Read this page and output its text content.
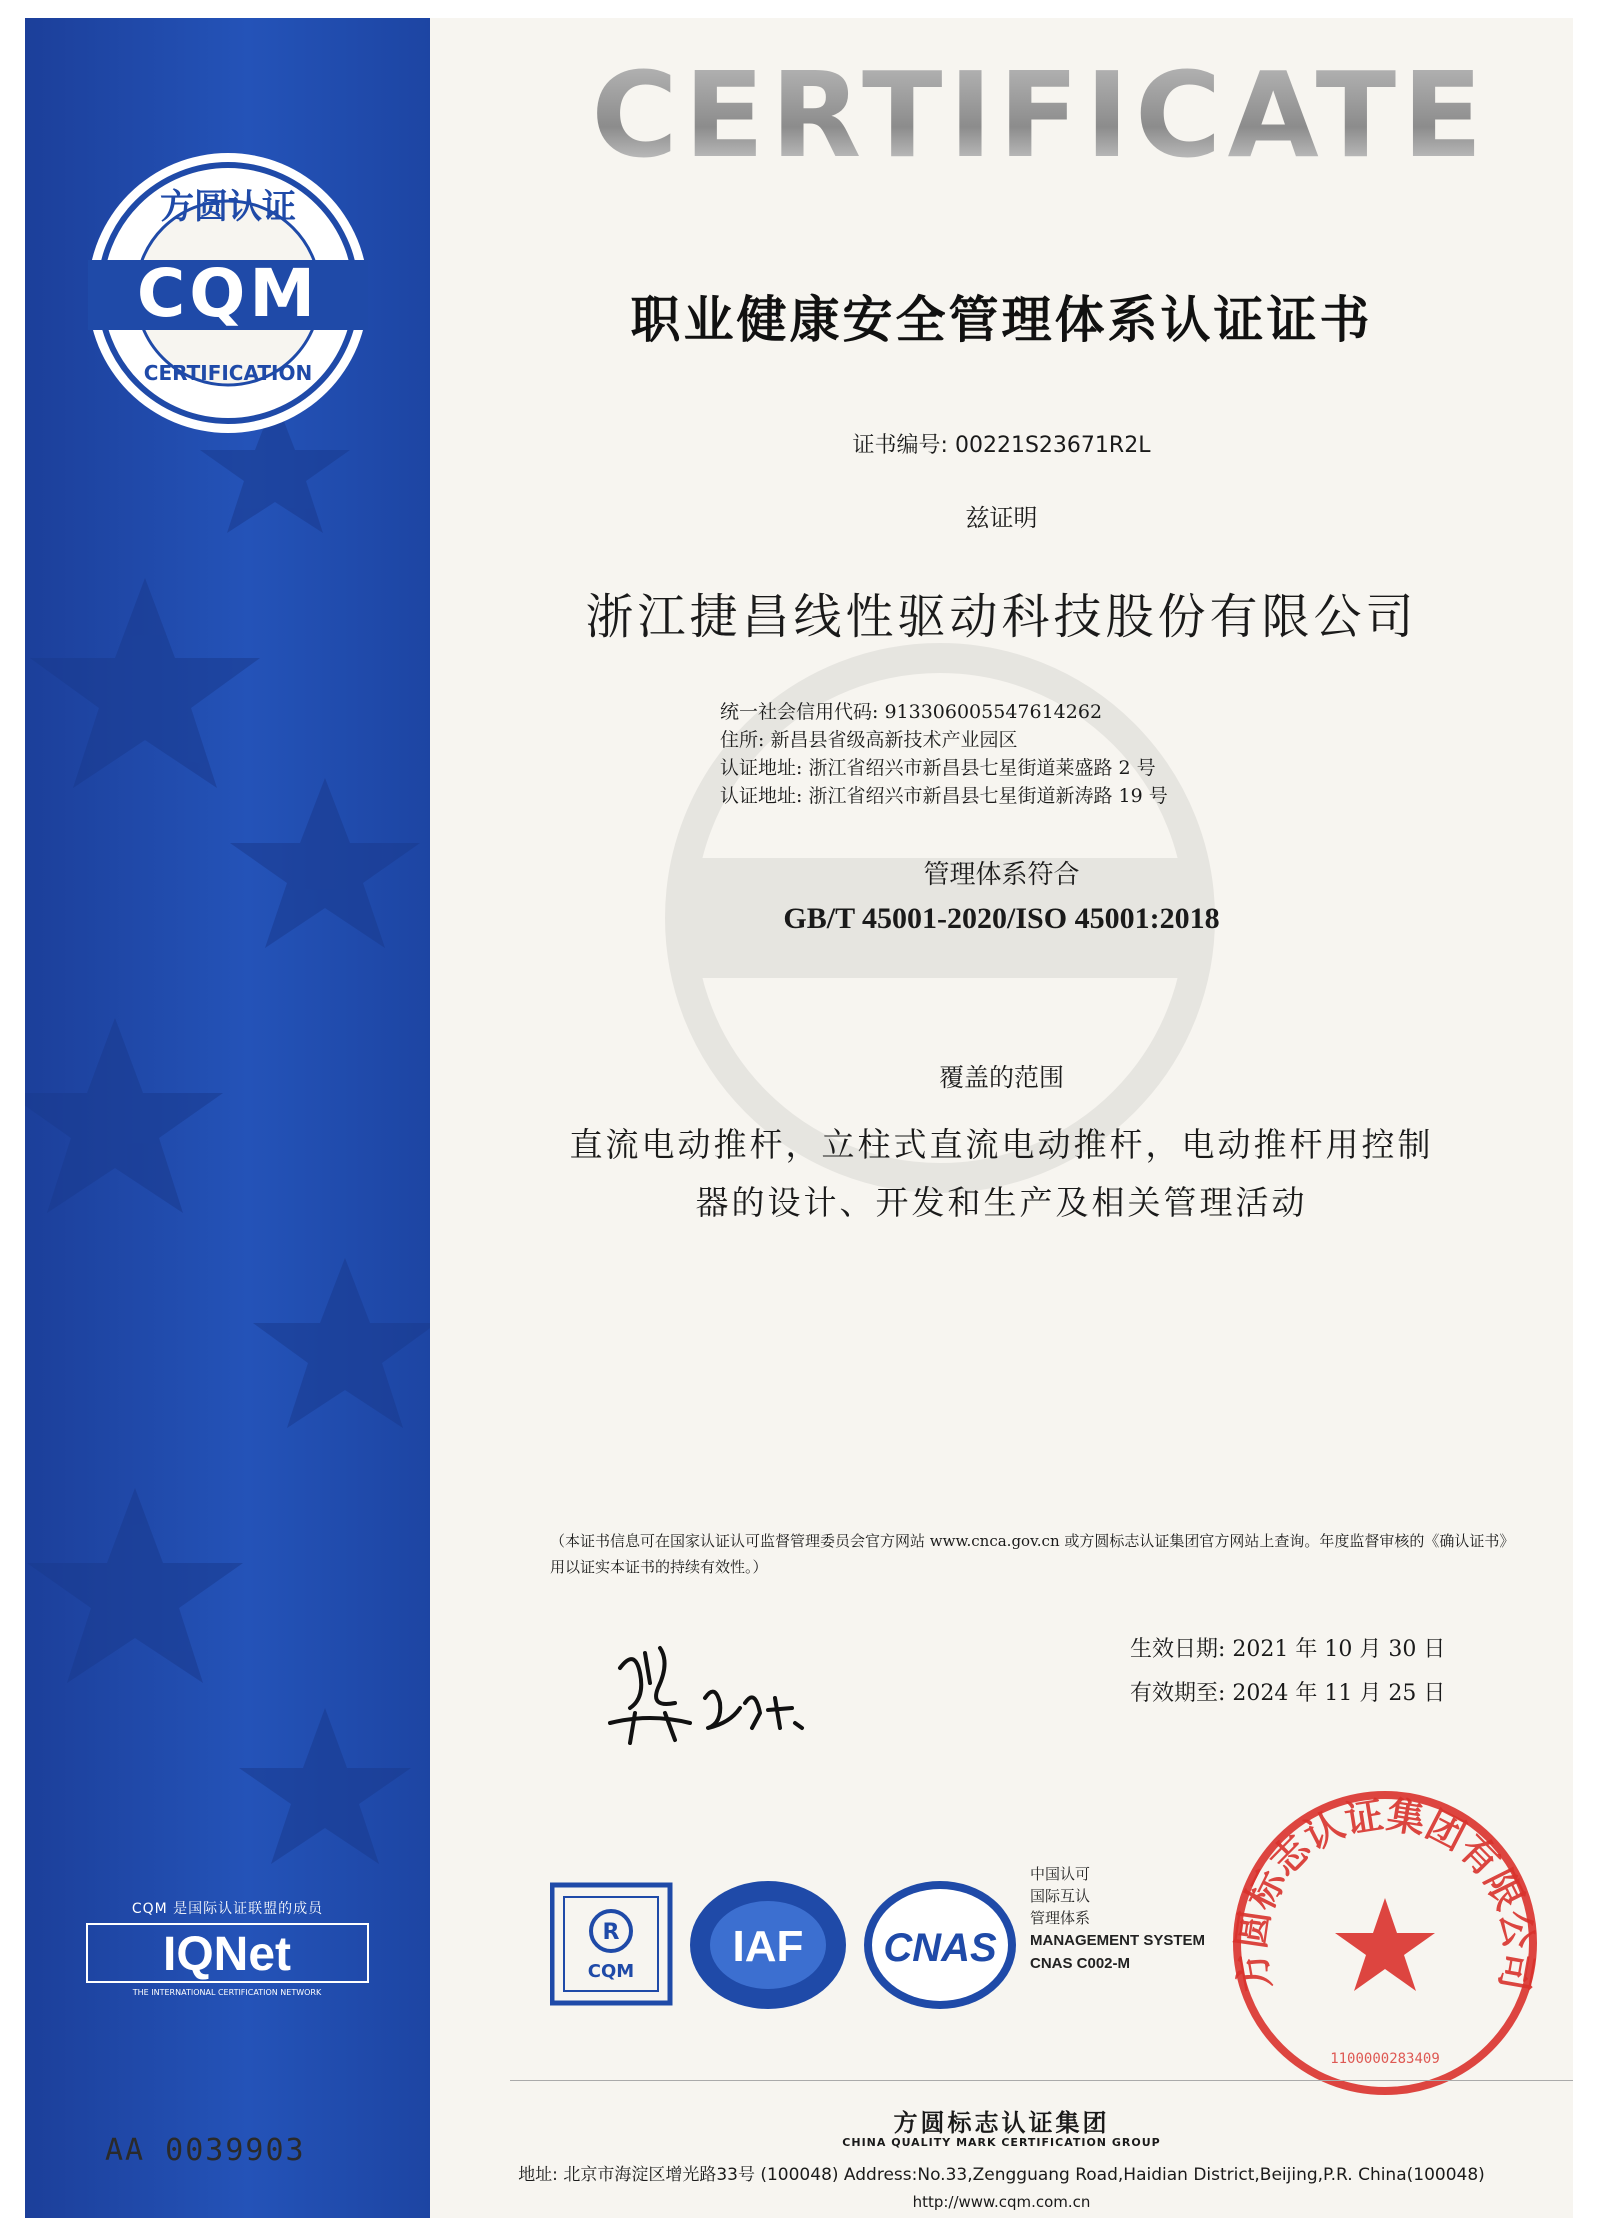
方圆认证
CQM
CERTIFICATION
CQM 是国际认证联盟的成员
IQNet
THE INTERNATIONAL CERTIFICATION NETWORK
AA 0039903
CERTIFICATE
职业健康安全管理体系认证证书
证书编号: 00221S23671R2L
兹证明
浙江捷昌线性驱动科技股份有限公司
统一社会信用代码: 913306005547614262
住所: 新昌县省级高新技术产业园区
认证地址: 浙江省绍兴市新昌县七星街道莱盛路 2 号
认证地址: 浙江省绍兴市新昌县七星街道新涛路 19 号
管理体系符合
GB/T 45001-2020/ISO 45001:2018
覆盖的范围
直流电动推杆，立柱式直流电动推杆，电动推杆用控制
器的设计、开发和生产及相关管理活动
（本证书信息可在国家认证认可监督管理委员会官方网站 www.cnca.gov.cn 或方圆标志认证集团官方网站上查询。年度监督审核的《确认证书》用以证实本证书的持续有效性。）
生效日期: 2021 年 10 月 30 日
有效期至: 2024 年 11 月 25 日
R
CQM
IAF CNAS
中国认可
国际互认
管理体系
MANAGEMENT SYSTEM
CNAS C002-M	方圆标志认证集团有限公司
1100000283409
方圆标志认证集团
CHINA QUALITY MARK CERTIFICATION GROUP
地址: 北京市海淀区增光路33号 (100048) Address:No.33,Zengguang Road,Haidian District,Beijing,P.R. China(100048)
http://www.cqm.com.cn
